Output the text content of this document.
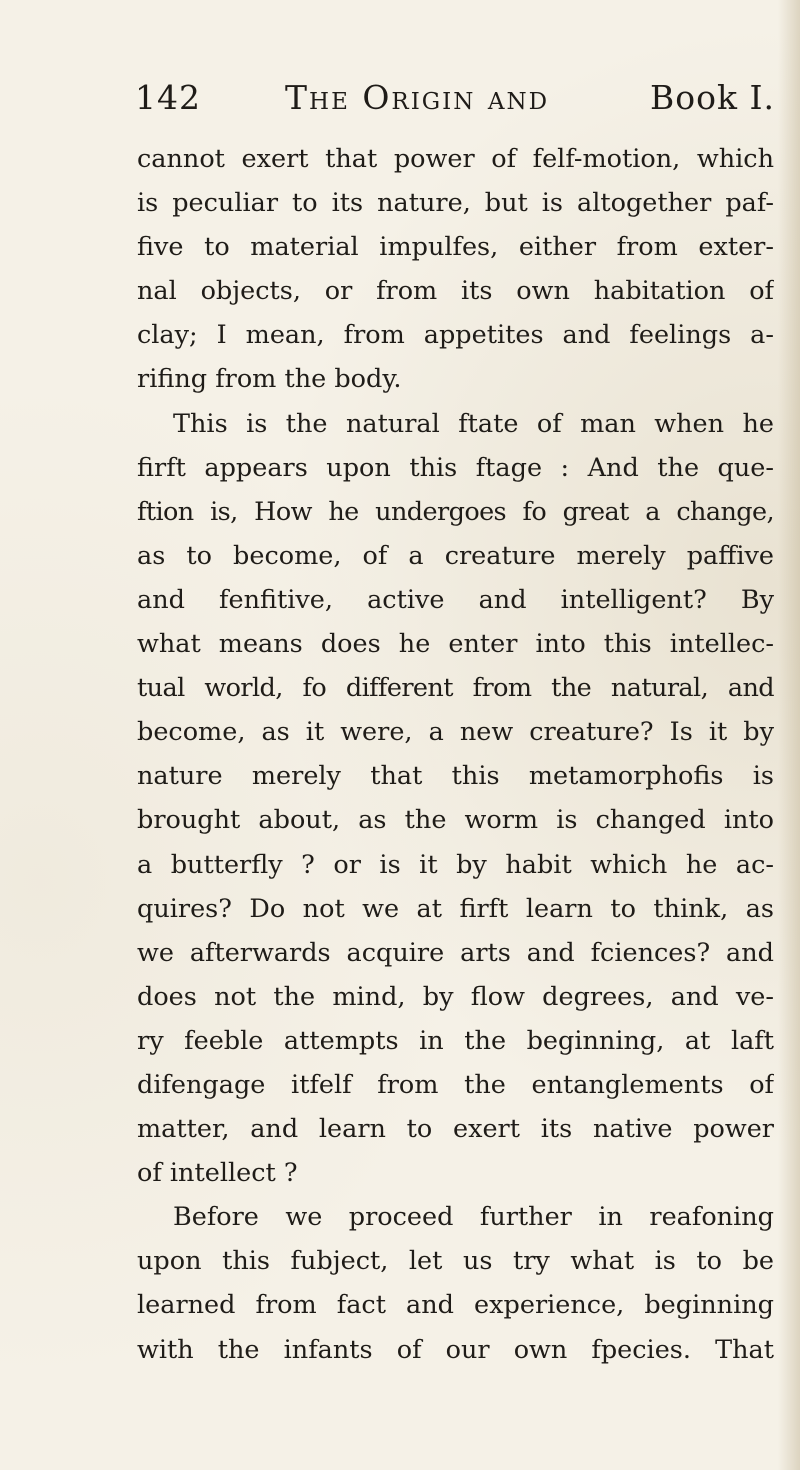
142	The Origin and	Book I.
cannot exert that power of felf-motion, which
is peculiar to its nature, but is altogether paf-
five to material impulfes, either from exter-
nal objects, or from its own habitation of
clay; I mean, from appetites and feelings a-
rifing from the body.
This is the natural ftate of man when he
firft appears upon this ftage : And the que-
ftion is, How he undergoes fo great a change,
as to become, of a creature merely paffive
and fenfitive, active and intelligent? By
what means does he enter into this intellec-
tual world, fo different from the natural, and
become, as it were, a new creature? Is it by
nature merely that this metamorphofis is
brought about, as the worm is changed into
a butterfly ? or is it by habit which he ac-
quires? Do not we at firft learn to think, as
we afterwards acquire arts and fciences? and
does not the mind, by flow degrees, and ve-
ry feeble attempts in the beginning, at laft
difengage itfelf from the entanglements of
matter, and learn to exert its native power
of intellect ?
Before we proceed further in reafoning
upon this fubject, let us try what is to be
learned from fact and experience, beginning
with the infants of our own fpecies. That
